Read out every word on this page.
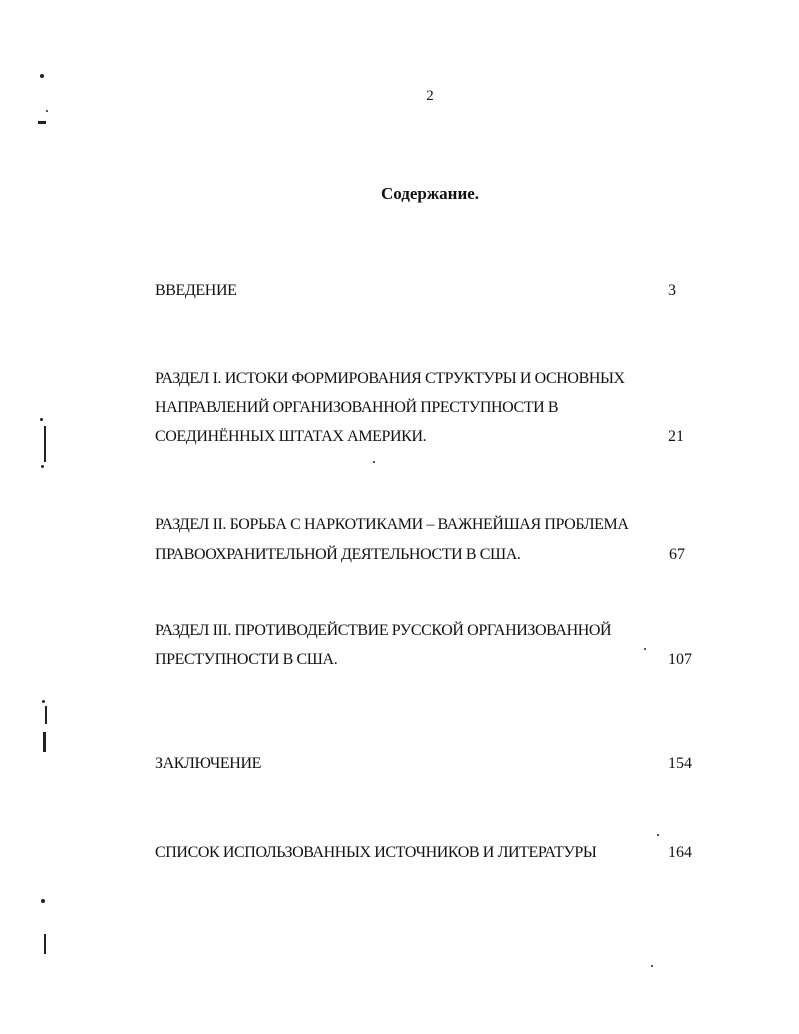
2
Содержание.
ВВЕДЕНИЕ	3
РАЗДЕЛ I. ИСТОКИ ФОРМИРОВАНИЯ СТРУКТУРЫ И ОСНОВНЫХ
НАПРАВЛЕНИЙ ОРГАНИЗОВАННОЙ ПРЕСТУПНОСТИ В
СОЕДИНЁННЫХ ШТАТАХ АМЕРИКИ.	21
РАЗДЕЛ II. БОРЬБА С НАРКОТИКАМИ – ВАЖНЕЙШАЯ ПРОБЛЕМА
ПРАВООХРАНИТЕЛЬНОЙ ДЕЯТЕЛЬНОСТИ В США.	67
РАЗДЕЛ III. ПРОТИВОДЕЙСТВИЕ РУССКОЙ ОРГАНИЗОВАННОЙ
ПРЕСТУПНОСТИ В США.	107
ЗАКЛЮЧЕНИЕ	154
СПИСОК ИСПОЛЬЗОВАННЫХ ИСТОЧНИКОВ И ЛИТЕРАТУРЫ	164
